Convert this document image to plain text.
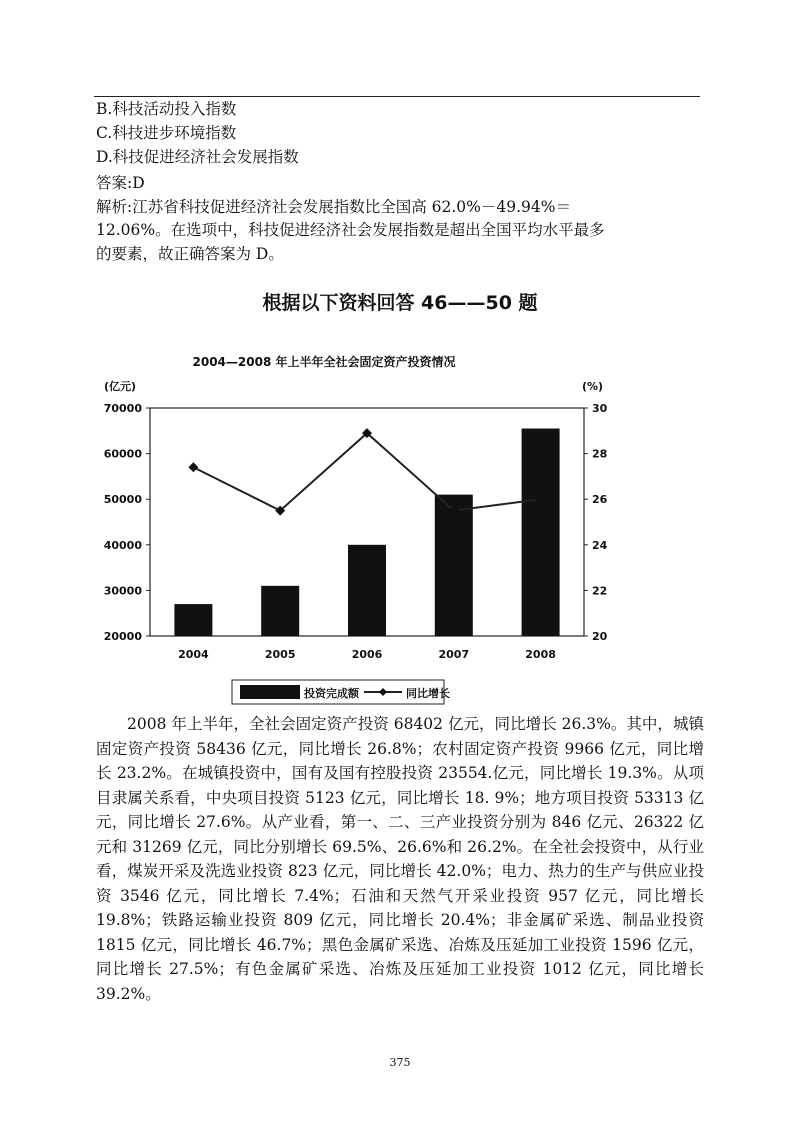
B.科技活动投入指数
C.科技进步环境指数
D.科技促进经济社会发展指数
答案:D
解析:江苏省科技促进经济社会发展指数比全国高 62.0%－49.94%＝
12.06%。在选项中，科技促进经济社会发展指数是超出全国平均水平最多
的要素，故正确答案为 D。
根据以下资料回答 46——50 题
2004—2008 年上半年全社会固定资产投资情况
(亿元)	(%)
20000
30000
40000
50000
60000
70000
20
22
24
26
28
30
2004	2005	2006	2007	2008
投资完成额	同比增长

2008 年上半年，全社会固定资产投资 68402 亿元，同比增长 26.3%。其中，城镇固定资产投资 58436 亿元，同比增长 26.8%；农村固定资产投资 9966 亿元，同比增长 23.2%。在城镇投资中，国有及国有控股投资 23554.亿元，同比增长 19.3%。从项目隶属关系看，中央项目投资 5123 亿元，同比增长 18. 9%；地方项目投资 53313 亿元，同比增长 27.6%。从产业看，第一、二、三产业投资分别为 846 亿元、26322 亿元和 31269 亿元，同比分别增长 69.5%、26.6%和 26.2%。在全社会投资中，从行业看，煤炭开采及洗选业投资 823 亿元，同比增长 42.0%；电力、热力的生产与供应业投资 3546 亿元，同比增长 7.4%；石油和天然气开采业投资 957 亿元，同比增长 19.8%；铁路运输业投资 809 亿元，同比增长 20.4%；非金属矿采选、制品业投资 1815 亿元，同比增长 46.7%；黑色金属矿采选、冶炼及压延加工业投资 1596 亿元，同比增长 27.5%；有色金属矿采选、冶炼及压延加工业投资 1012 亿元，同比增长 39.2%。

375
